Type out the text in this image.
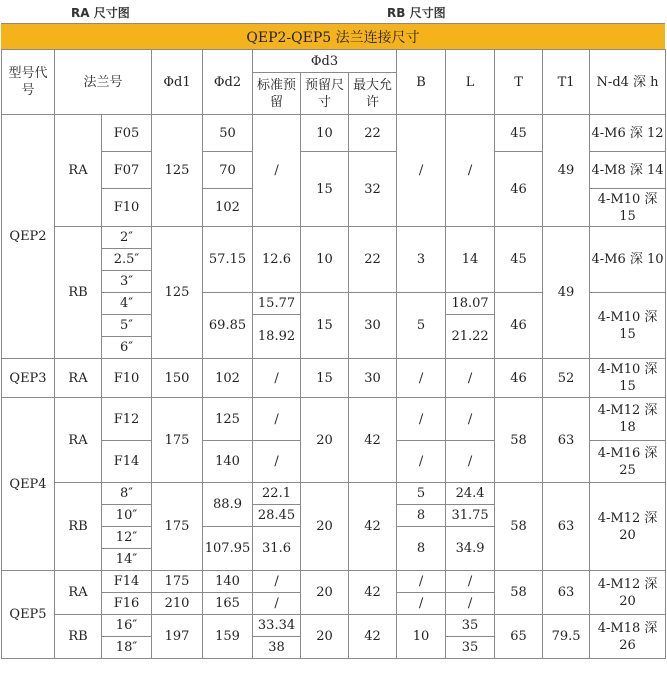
RA 尺寸图	RB 尺寸图
QEP2-QEP5 法兰连接尺寸
型号代号	法兰号		Φd1	Φd2	Φd3			B	L	T	T1	N-d4 深 h
					标准预留	预留尺寸	最大允许					
QEP2	RA	F05	125	50	/	10	22	/	/	45	49	4-M6 深 12
		F07		70		15	32			46		4-M8 深 14
		F10		102								4-M10 深 15
	RB	2″	125	57.15	12.6	10	22	3	14	45	49	4-M6 深 10
		2.5″										
		3″										
		4″		69.85	15.77	15	30	5	18.07	46		4-M10 深 15
		5″			18.92				21.22			
		6″										
QEP3	RA	F10	150	102	/	15	30	/	/	46	52	4-M10 深 15
QEP4	RA	F12	175	125	/	20	42	/	/	58	63	4-M12 深 18
		F14		140	/			/	/			4-M16 深 25
	RB	8″	175	88.9	22.1	20	42	5	24.4	58	63	4-M12 深 20
		10″			28.45			8	31.75			
		12″		107.95	31.6			8	34.9			
		14″										
QEP5	RA	F14	175	140	/	20	42	/	/	58	63	4-M12 深 20
		F16	210	165	/			/	/			
	RB	16″	197	159	33.34	20	42	10	35	65	79.5	4-M18 深 26
		18″			38				35			
